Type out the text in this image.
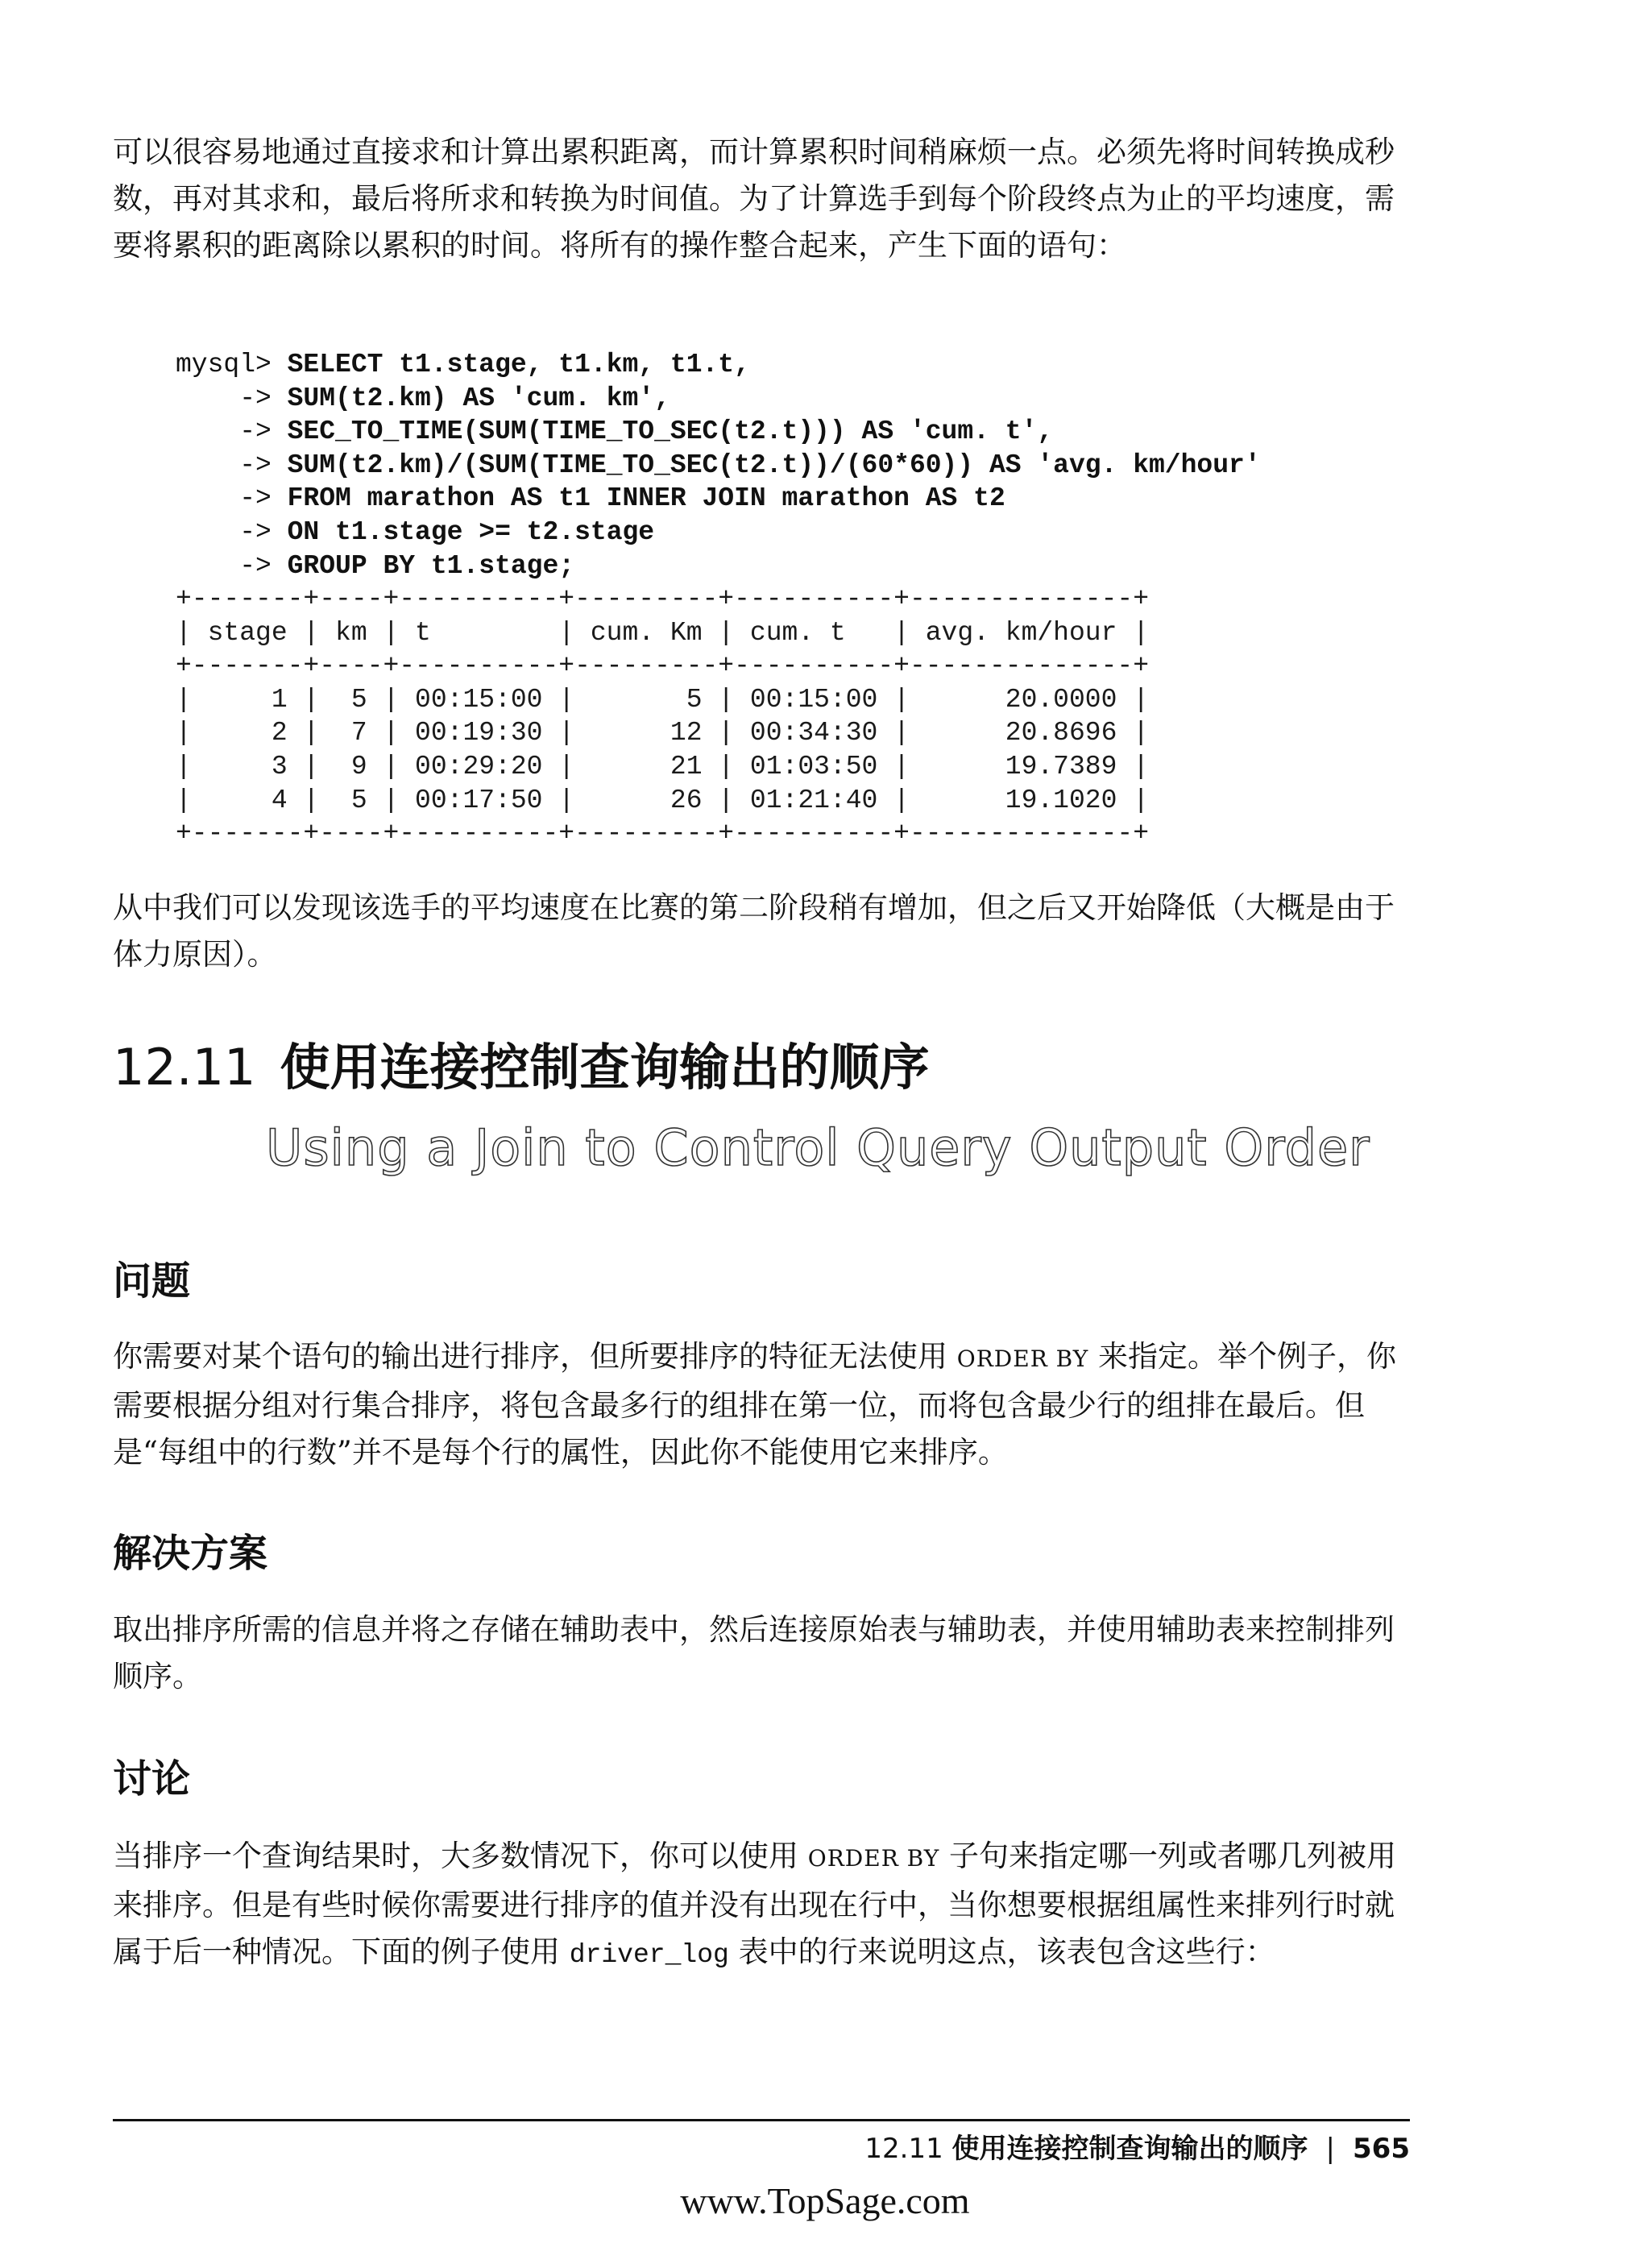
可以很容易地通过直接求和计算出累积距离，而计算累积时间稍麻烦一点。必须先将时间转换成秒数，再对其求和，最后将所求和转换为时间值。为了计算选手到每个阶段终点为止的平均速度，需要将累积的距离除以累积的时间。将所有的操作整合起来，产生下面的语句：

mysql> SELECT t1.stage, t1.km, t1.t,
-> SUM(t2.km) AS 'cum. km',
-> SEC_TO_TIME(SUM(TIME_TO_SEC(t2.t))) AS 'cum. t',
-> SUM(t2.km)/(SUM(TIME_TO_SEC(t2.t))/(60*60)) AS 'avg. km/hour'
-> FROM marathon AS t1 INNER JOIN marathon AS t2
-> ON t1.stage >= t2.stage
-> GROUP BY t1.stage;
+-------+----+----------+---------+----------+--------------+
| stage | km | t        | cum. Km | cum. t   | avg. km/hour |
+-------+----+----------+---------+----------+--------------+
|     1 |  5 | 00:15:00 |       5 | 00:15:00 |      20.0000 |
|     2 |  7 | 00:19:30 |      12 | 00:34:30 |      20.8696 |
|     3 |  9 | 00:29:20 |      21 | 01:03:50 |      19.7389 |
|     4 |  5 | 00:17:50 |      26 | 01:21:40 |      19.1020 |
+-------+----+----------+---------+----------+--------------+

从中我们可以发现该选手的平均速度在比赛的第二阶段稍有增加，但之后又开始降低（大概是由于体力原因）。

12.11 使用连接控制查询输出的顺序
Using a Join to Control Query Output Order
问题

你需要对某个语句的输出进行排序，但所要排序的特征无法使用 ORDER BY 来指定。举个例子，你需要根据分组对行集合排序，将包含最多行的组排在第一位，而将包含最少行的组排在最后。但是“每组中的行数”并不是每个行的属性，因此你不能使用它来排序。

解决方案

取出排序所需的信息并将之存储在辅助表中，然后连接原始表与辅助表，并使用辅助表来控制排列顺序。

讨论

当排序一个查询结果时，大多数情况下，你可以使用 ORDER BY 子句来指定哪一列或者哪几列被用来排序。但是有些时候你需要进行排序的值并没有出现在行中，当你想要根据组属性来排列行时就属于后一种情况。下面的例子使用 driver_log 表中的行来说明这点，该表包含这些行：

12.11 使用连接控制查询输出的顺序 | 565
www.TopSage.com
